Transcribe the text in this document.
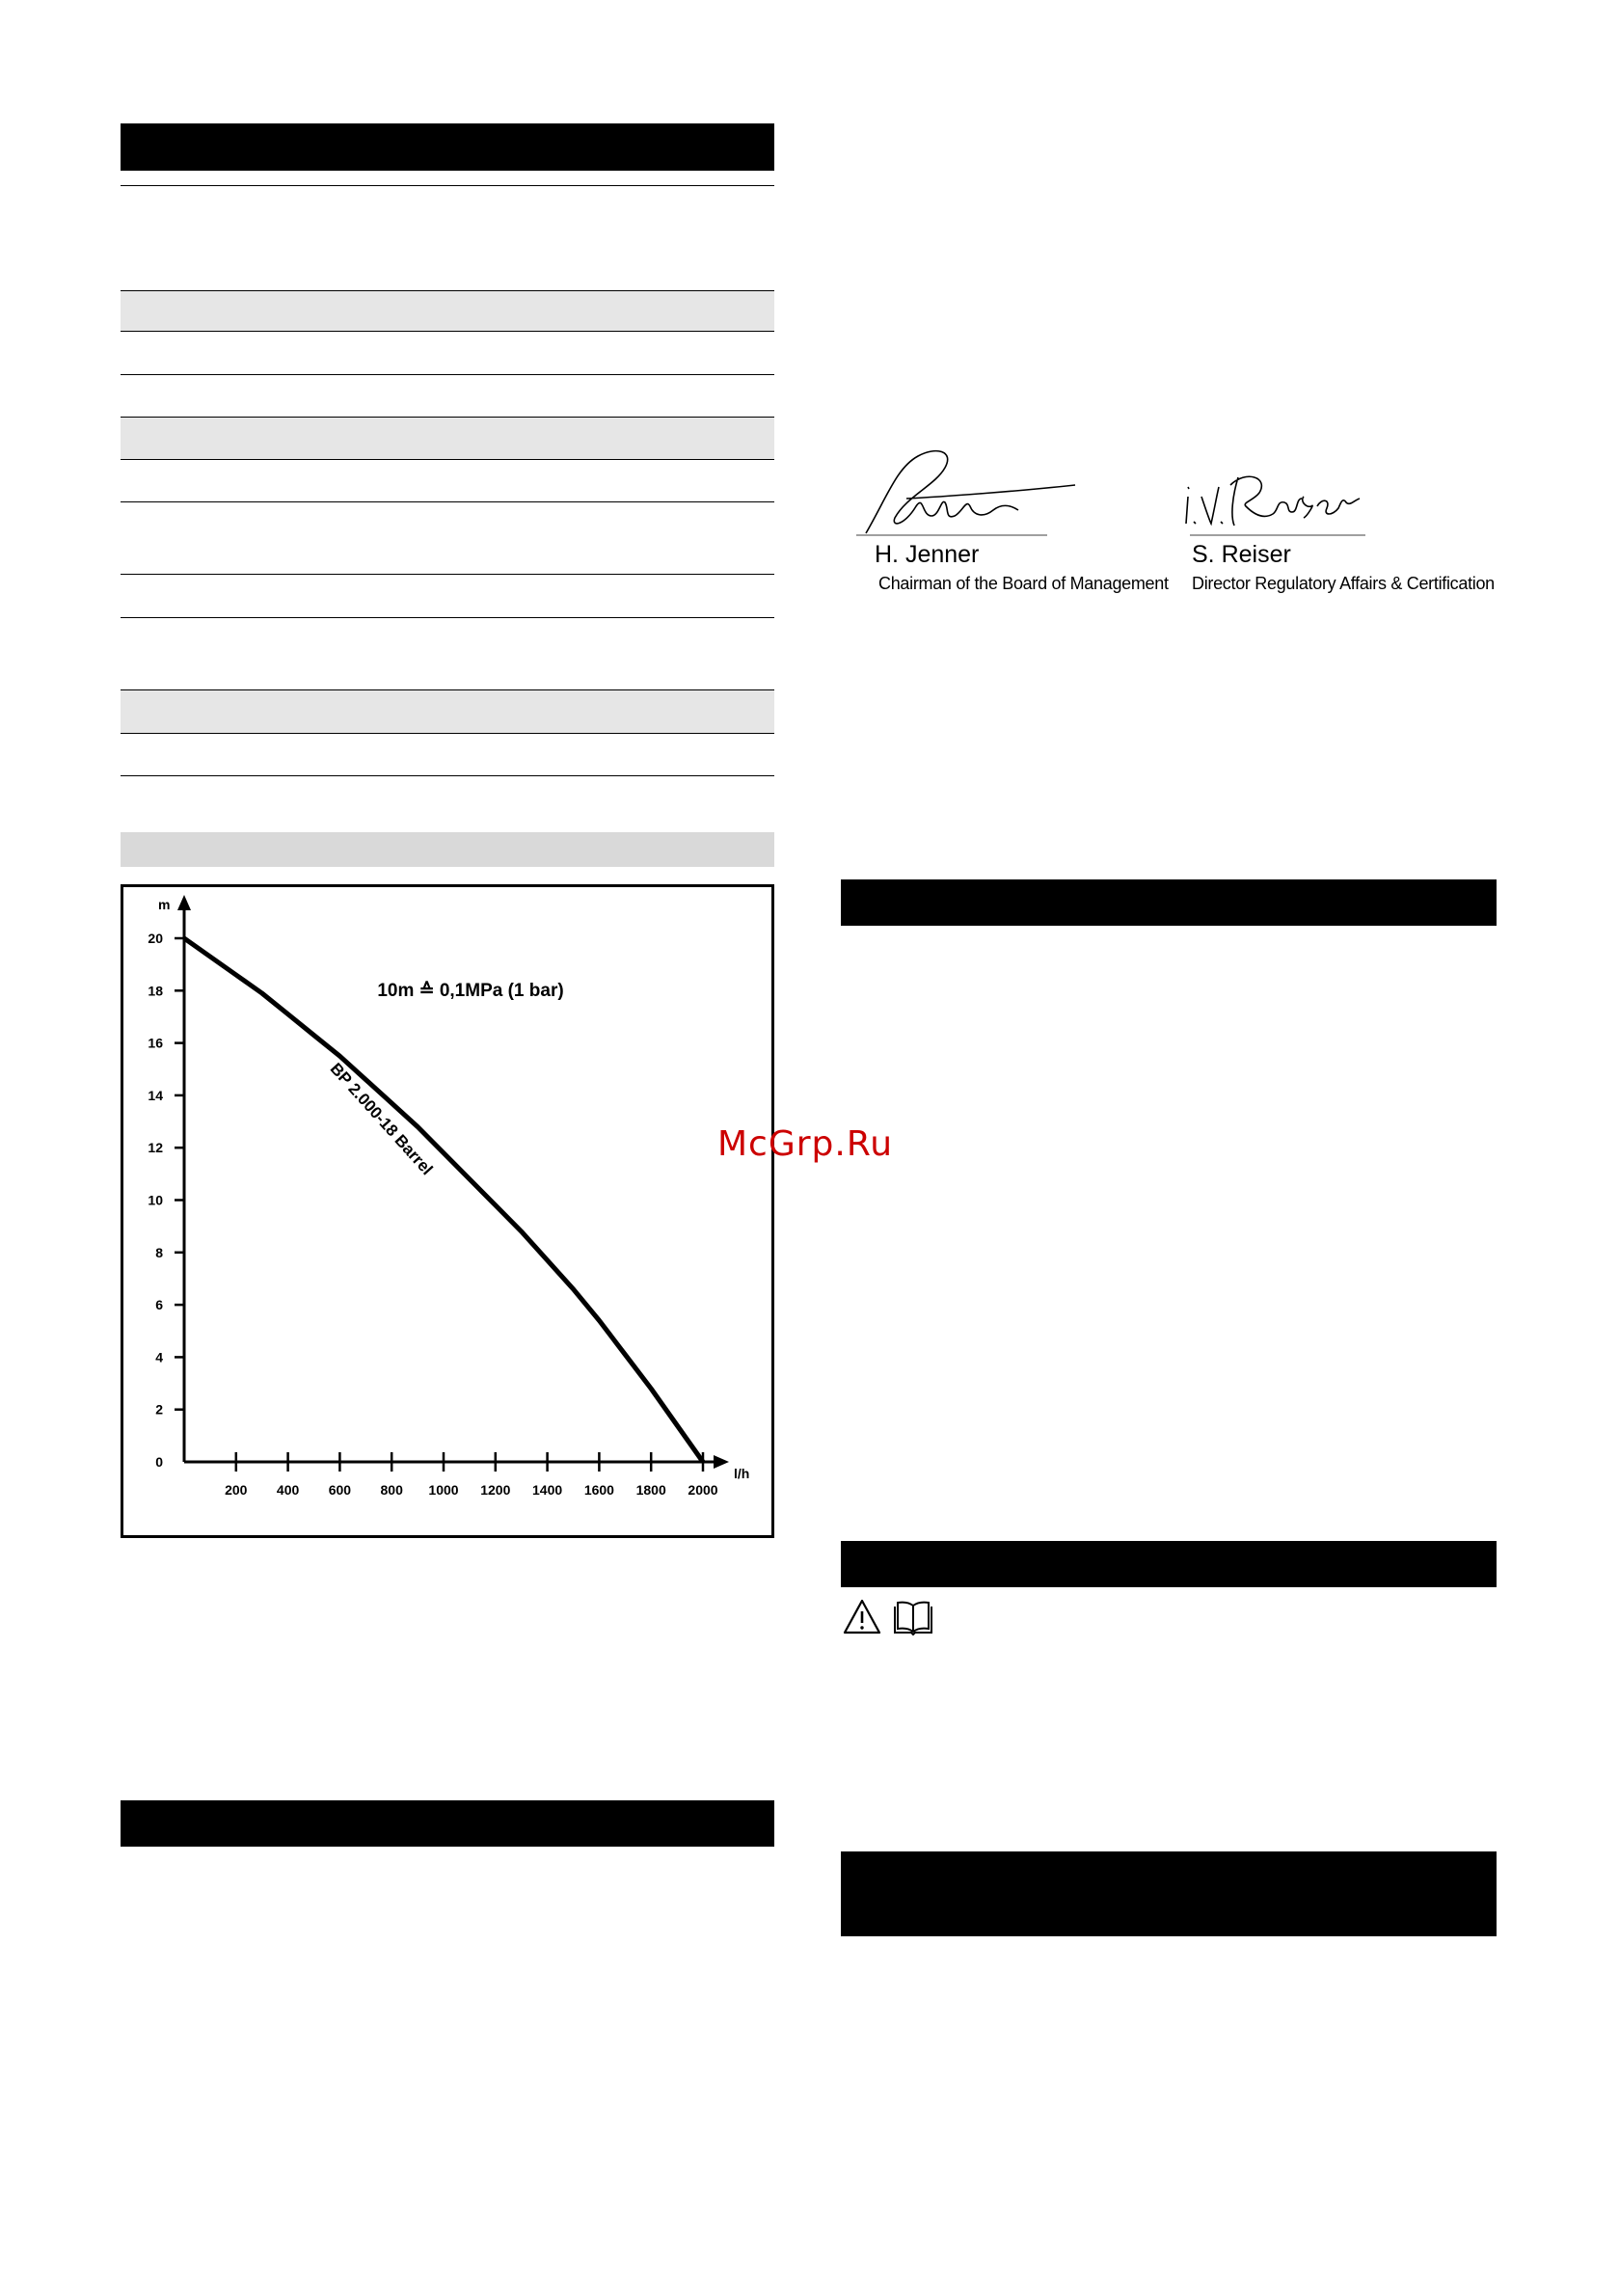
m
l/h
0
2
4
6
8
10
12
14
16
18
20
200 400 600 800 1000 1200 1400 1600 1800 2000
BP 2.000-18 Barrel
10m ≙ 0,1MPa (1 bar)
H. Jenner
Chairman of the Board of Management
S. Reiser
Director Regulatory Affairs & Certification
McGrp.Ru
